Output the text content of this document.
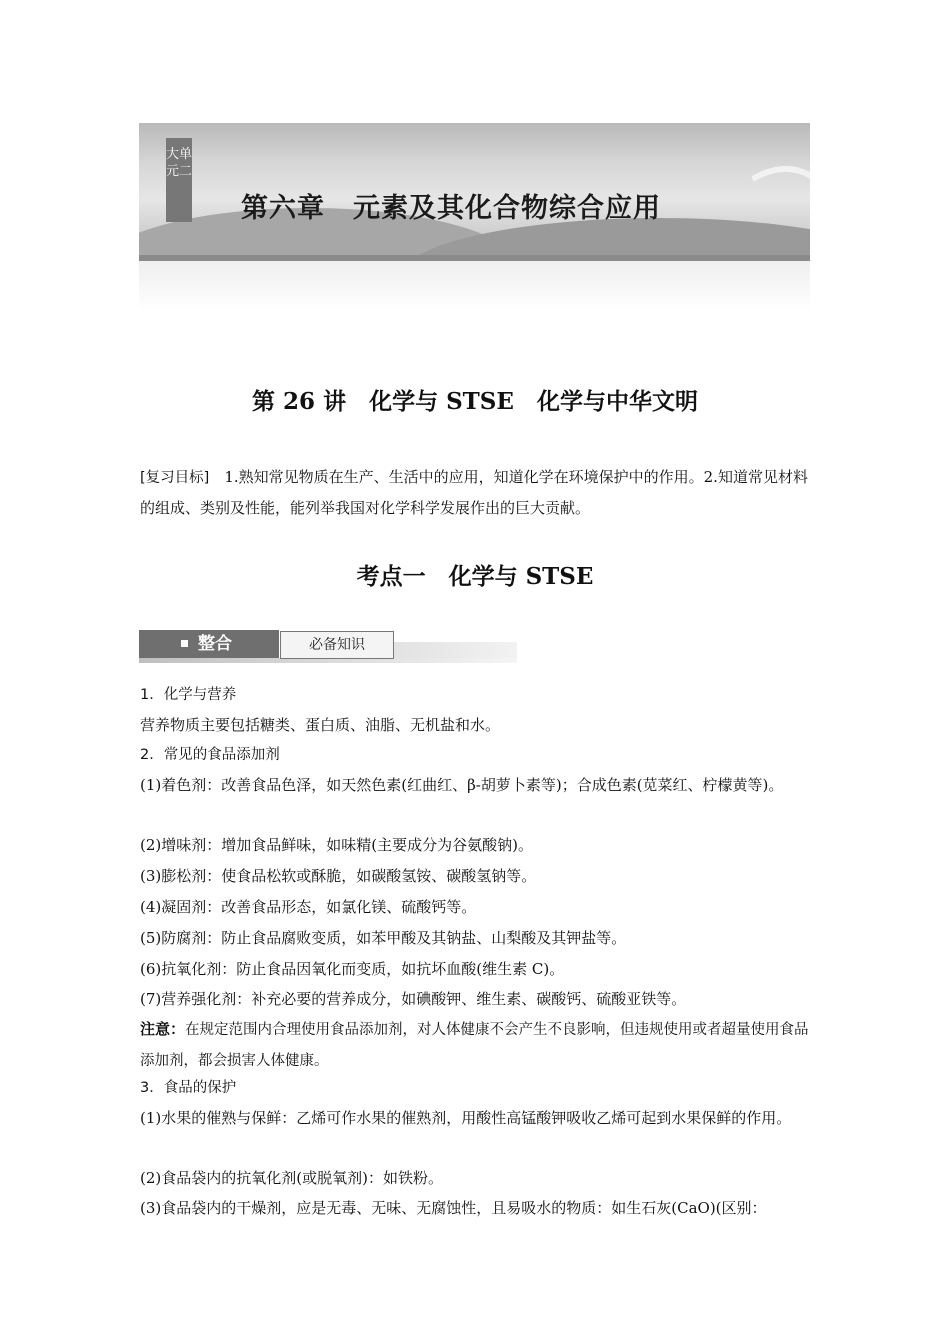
大单元二
第六章　元素及其化合物综合应用
第 26 讲　化学与 STSE　化学与中华文明

[复习目标]　1.熟知常见物质在生产、生活中的应用，知道化学在环境保护中的作用。2.知道常见材料的组成、类别及性能，能列举我国对化学科学发展作出的巨大贡献。

考点一　化学与 STSE
整合	必备知识

1．化学与营养

营养物质主要包括糖类、蛋白质、油脂、无机盐和水。

2．常见的食品添加剂

(1)着色剂：改善食品色泽，如天然色素(红曲红、β-胡萝卜素等)；合成色素(苋菜红、柠檬黄等)。

(2)增味剂：增加食品鲜味，如味精(主要成分为谷氨酸钠)。

(3)膨松剂：使食品松软或酥脆，如碳酸氢铵、碳酸氢钠等。

(4)凝固剂：改善食品形态，如氯化镁、硫酸钙等。

(5)防腐剂：防止食品腐败变质，如苯甲酸及其钠盐、山梨酸及其钾盐等。

(6)抗氧化剂：防止食品因氧化而变质，如抗坏血酸(维生素 C)。

(7)营养强化剂：补充必要的营养成分，如碘酸钾、维生素、碳酸钙、硫酸亚铁等。

注意：在规定范围内合理使用食品添加剂，对人体健康不会产生不良影响，但违规使用或者超量使用食品添加剂，都会损害人体健康。

3．食品的保护

(1)水果的催熟与保鲜：乙烯可作水果的催熟剂，用酸性高锰酸钾吸收乙烯可起到水果保鲜的作用。

(2)食品袋内的抗氧化剂(或脱氧剂)：如铁粉。

(3)食品袋内的干燥剂，应是无毒、无味、无腐蚀性，且易吸水的物质：如生石灰(CaO)(区别：
